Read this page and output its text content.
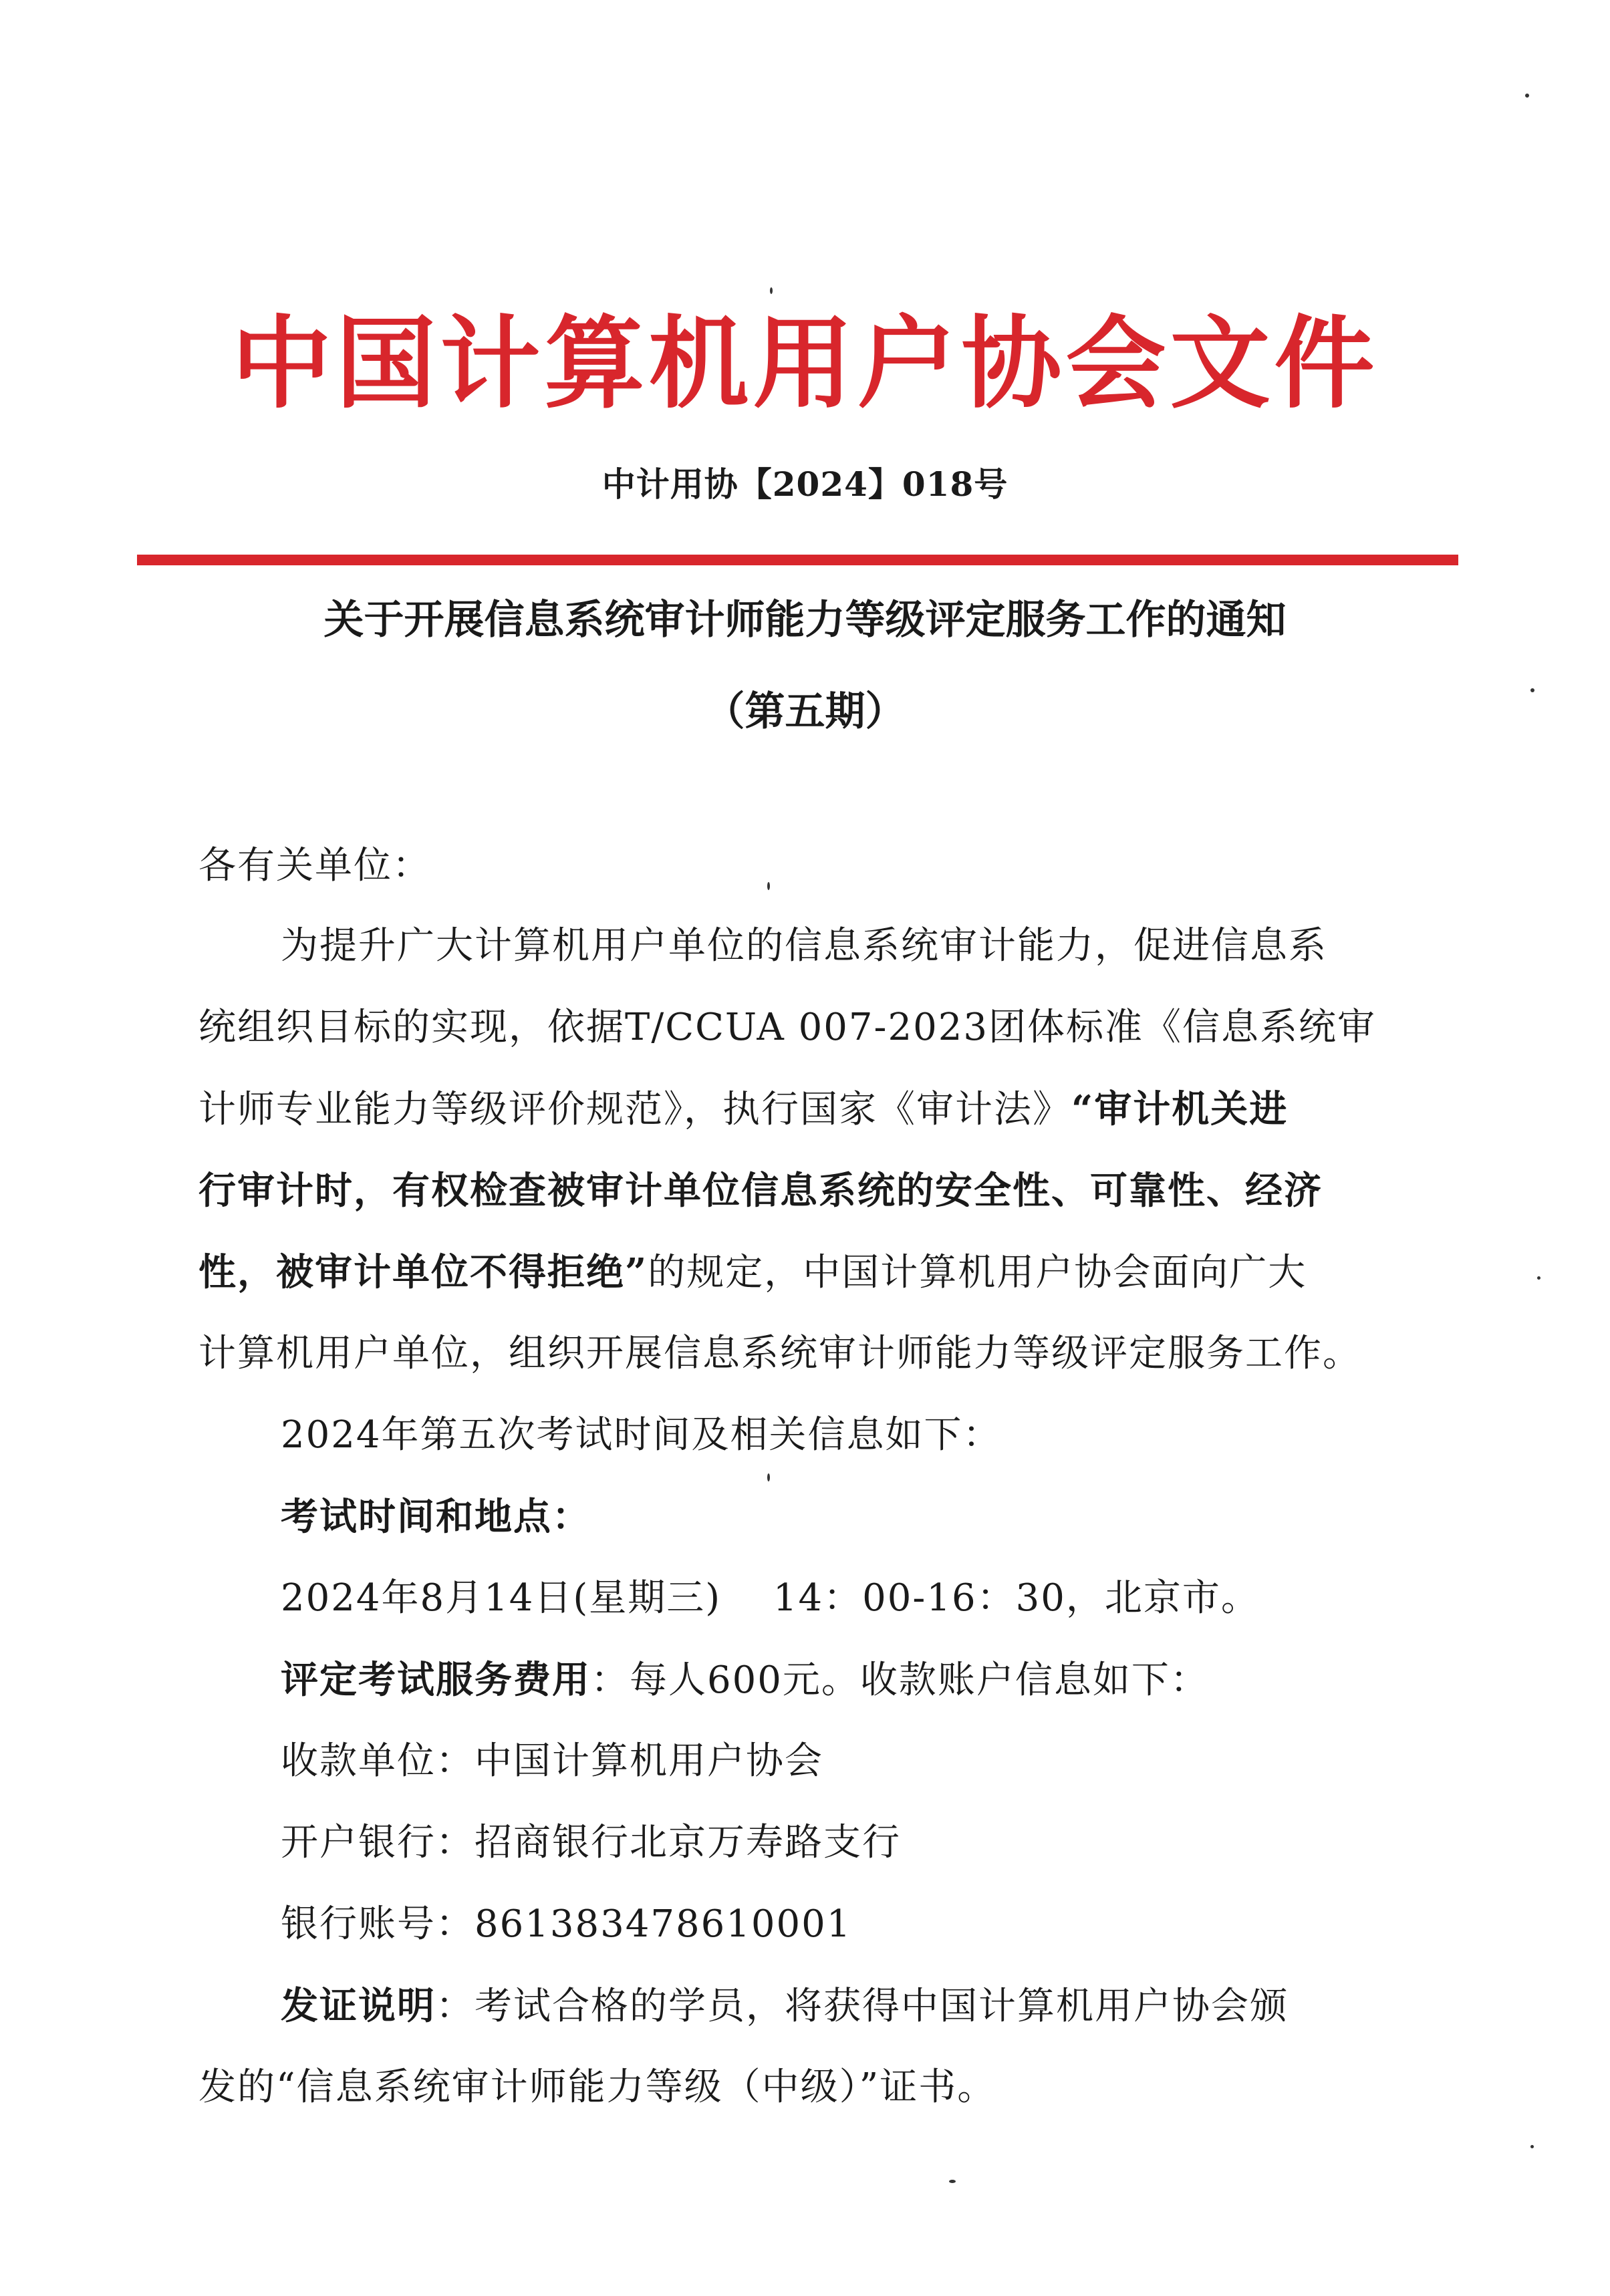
中国计算机用户协会文件
中计用协【2024】018号
关于开展信息系统审计师能力等级评定服务工作的通知
（第五期）
各有关单位：
为提升广大计算机用户单位的信息系统审计能力，促进信息系
统组织目标的实现，依据T/CCUA 007-2023团体标准《信息系统审
计师专业能力等级评价规范》，执行国家《审计法》“审计机关进
行审计时，有权检查被审计单位信息系统的安全性、可靠性、经济
性，被审计单位不得拒绝”的规定，中国计算机用户协会面向广大
计算机用户单位，组织开展信息系统审计师能力等级评定服务工作。
2024年第五次考试时间及相关信息如下：
考试时间和地点：
2024年8月14日(星期三)　 14：00-16：30，北京市。
评定考试服务费用：每人600元。收款账户信息如下：
收款单位：中国计算机用户协会
开户银行：招商银行北京万寿路支行
银行账号：861383478610001
发证说明：考试合格的学员，将获得中国计算机用户协会颁
发的“信息系统审计师能力等级（中级）”证书。
